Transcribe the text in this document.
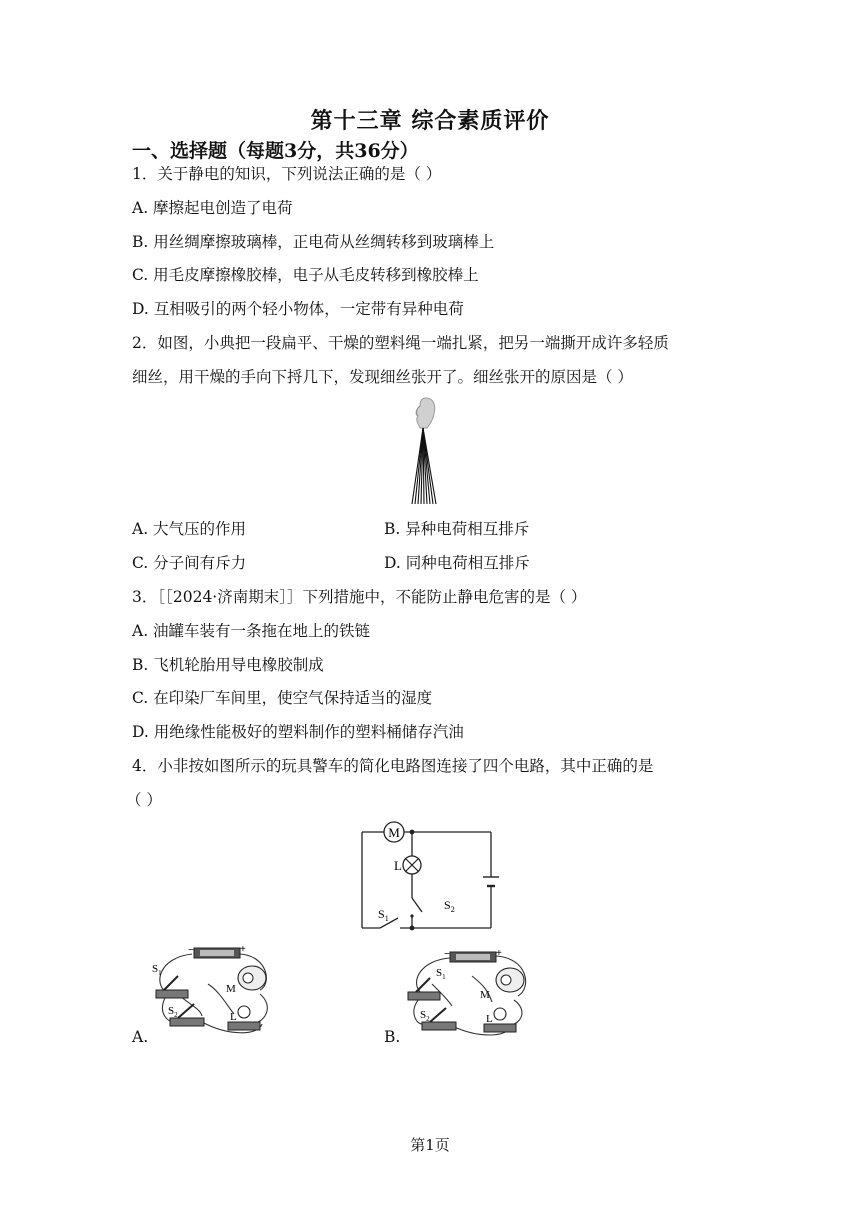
第十三章 综合素质评价
一、选择题（每题3分，共36分）
1．关于静电的知识，下列说法正确的是（ ）
A. 摩擦起电创造了电荷
B. 用丝绸摩擦玻璃棒，正电荷从丝绸转移到玻璃棒上
C. 用毛皮摩擦橡胶棒，电子从毛皮转移到橡胶棒上
D. 互相吸引的两个轻小物体，一定带有异种电荷
2．如图，小典把一段扁平、干燥的塑料绳一端扎紧，把另一端撕开成许多轻质
细丝，用干燥的手向下捋几下，发现细丝张开了。细丝张开的原因是（ ）
A. 大气压的作用	B. 异种电荷相互排斥
C. 分子间有斥力	D. 同种电荷相互排斥
3．［［2024·济南期末］］下列措施中，不能防止静电危害的是（ ）
A. 油罐车装有一条拖在地上的铁链
B. 飞机轮胎用导电橡胶制成
C. 在印染厂车间里，使空气保持适当的湿度
D. 用绝缘性能极好的塑料制作的塑料桶储存汽油
4．小非按如图所示的玩具警车的简化电路图连接了四个电路，其中正确的是
（ ）
M
L
$S_2$
$S_1$
+
−
$S_1$
M
$S_2$	L
A.
+
−
$S_1$
M
$S_2$	L
B.
第1页
